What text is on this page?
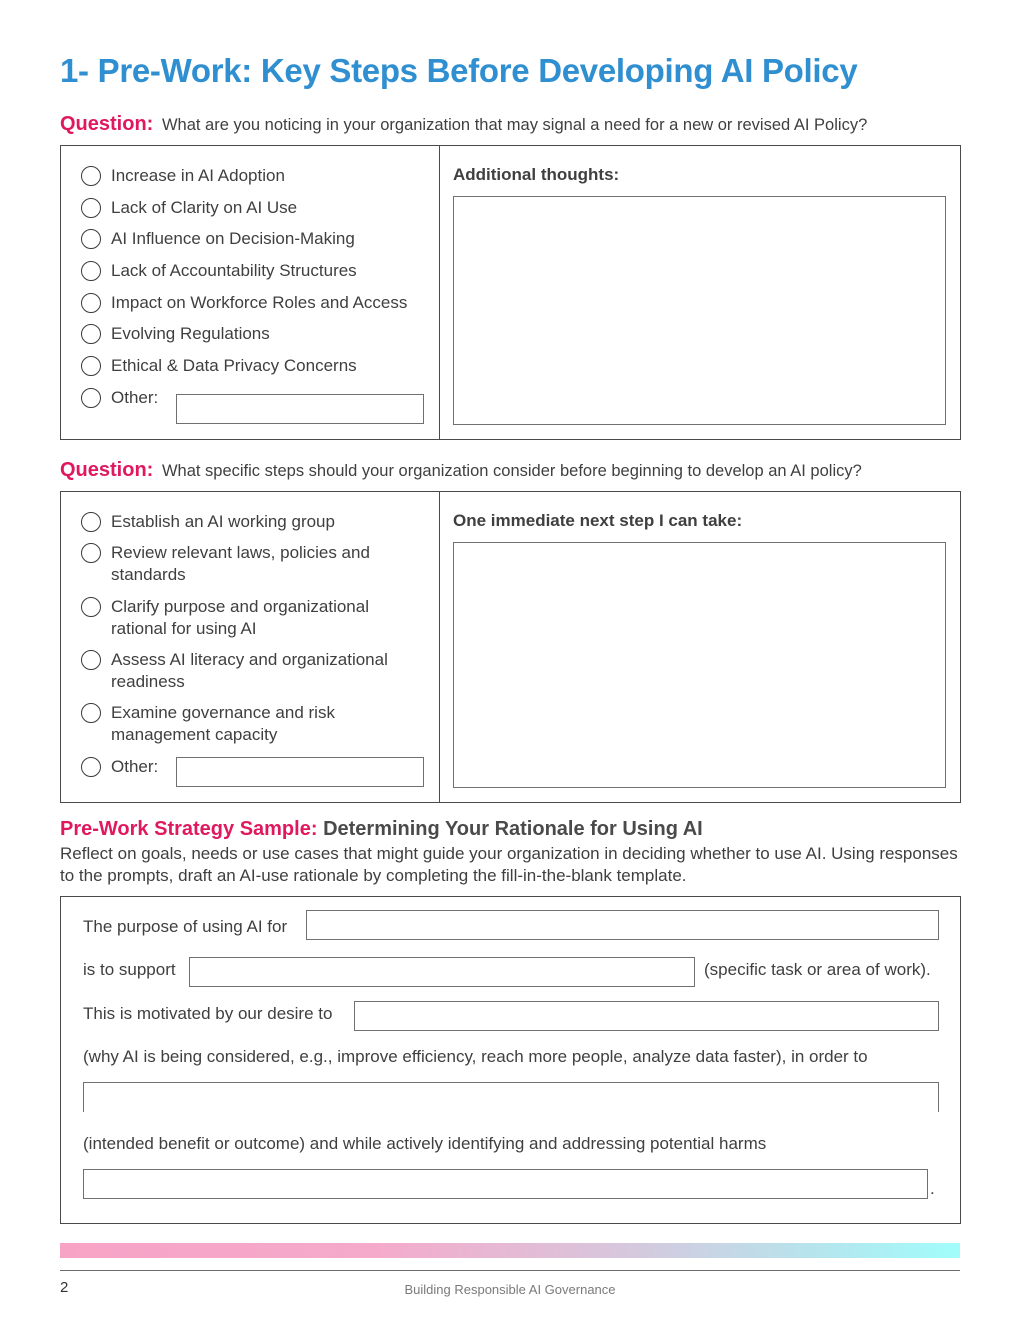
1- Pre-Work: Key Steps Before Developing AI Policy
Question: What are you noticing in your organization that may signal a need for a new or revised AI Policy?
Increase in AI Adoption
Lack of Clarity on AI Use
AI Influence on Decision-Making
Lack of Accountability Structures
Impact on Workforce Roles and Access
Evolving Regulations
Ethical & Data Privacy Concerns
Other:
Additional thoughts:
Question: What specific steps should your organization consider before beginning to develop an AI policy?
Establish an AI working group
Review relevant laws, policies and standards
Clarify purpose and organizational rational for using AI
Assess AI literacy and organizational readiness
Examine governance and risk management capacity
Other:
One immediate next step I can take:
Pre-Work Strategy Sample: Determining Your Rationale for Using AI
Reflect on goals, needs or use cases that might guide your organization in deciding whether to use AI. Using responses to the prompts, draft an AI-use rationale by completing the fill-in-the-blank template.
The purpose of using AI for
is to support	(specific task or area of work).
This is motivated by our desire to
(why AI is being considered, e.g., improve efficiency, reach more people, analyze data faster), in order to
(intended benefit or outcome) and while actively identifying and addressing potential harms
.
2	Building Responsible AI Governance
